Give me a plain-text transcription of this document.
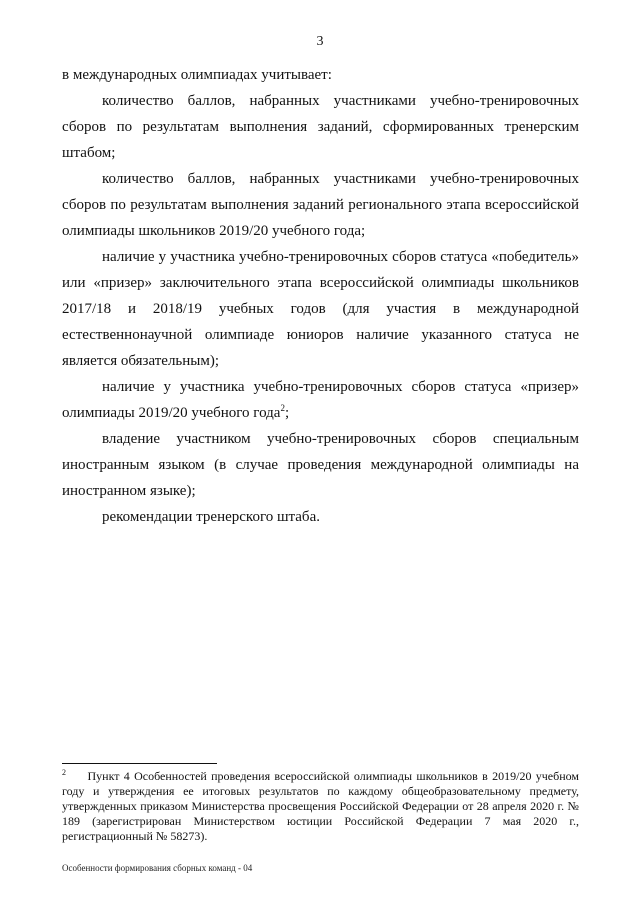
3

в международных олимпиадах учитывает:

количество баллов, набранных участниками учебно-тренировочных сборов по результатам выполнения заданий, сформированных тренерским штабом;

количество баллов, набранных участниками учебно-тренировочных сборов по результатам выполнения заданий регионального этапа всероссийской олимпиады школьников 2019/20 учебного года;

наличие у участника учебно-тренировочных сборов статуса «победитель» или «призер» заключительного этапа всероссийской олимпиады школьников 2017/18 и 2018/19 учебных годов (для участия в международной естественнонаучной олимпиаде юниоров наличие указанного статуса не является обязательным);

наличие у участника учебно-тренировочных сборов статуса «призер» олимпиады 2019/20 учебного года$^2$;

владение участником учебно-тренировочных сборов специальным иностранным языком (в случае проведения международной олимпиады на иностранном языке);

рекомендации тренерского штаба.

$^2$ Пункт 4 Особенностей проведения всероссийской олимпиады школьников в 2019/20 учебном году и утверждения ее итоговых результатов по каждому общеобразовательному предмету, утвержденных приказом Министерства просвещения Российской Федерации от 28 апреля 2020 г. № 189 (зарегистрирован Министерством юстиции Российской Федерации 7 мая 2020 г., регистрационный № 58273).
Особенности формирования сборных команд - 04
